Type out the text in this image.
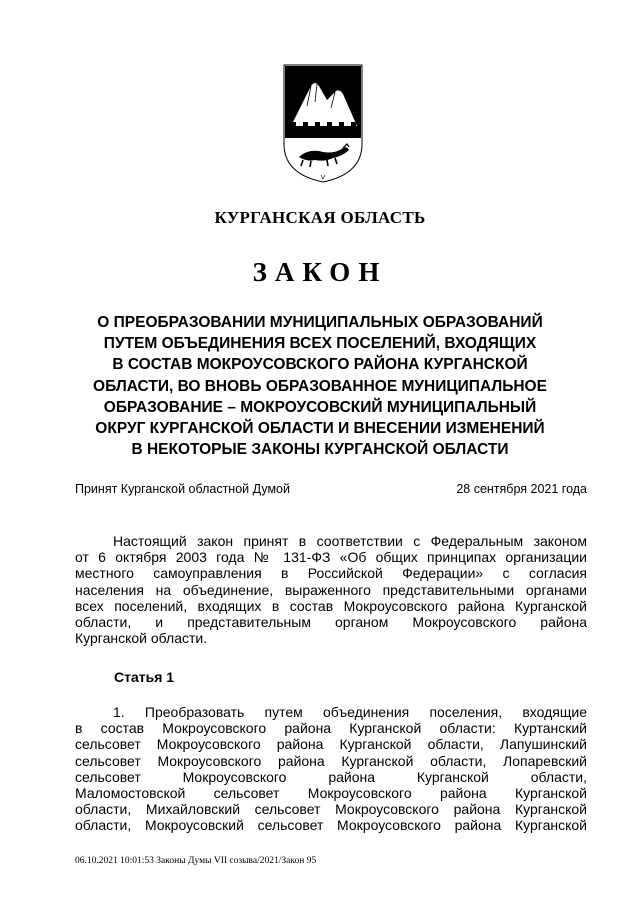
КУРГАНСКАЯ ОБЛАСТЬ
ЗАКОН
О ПРЕОБРАЗОВАНИИ МУНИЦИПАЛЬНЫХ ОБРАЗОВАНИЙ
ПУТЕМ ОБЪЕДИНЕНИЯ ВСЕХ ПОСЕЛЕНИЙ, ВХОДЯЩИХ
В СОСТАВ МОКРОУСОВСКОГО РАЙОНА КУРГАНСКОЙ
ОБЛАСТИ, ВО ВНОВЬ ОБРАЗОВАННОЕ МУНИЦИПАЛЬНОЕ
ОБРАЗОВАНИЕ – МОКРОУСОВСКИЙ МУНИЦИПАЛЬНЫЙ
ОКРУГ КУРГАНСКОЙ ОБЛАСТИ И ВНЕСЕНИИ ИЗМЕНЕНИЙ
В НЕКОТОРЫЕ ЗАКОНЫ КУРГАНСКОЙ ОБЛАСТИ
Принят Курганской областной Думой	28 сентября 2021 года
Настоящий закон принят в соответствии с Федеральным законом
от 6 октября 2003 года № 131-ФЗ «Об общих принципах организации
местного самоуправления в Российской Федерации» с согласия
населения на объединение, выраженного представительными органами
всех поселений, входящих в состав Мокроусовского района Курганской
области, и представительным органом Мокроусовского района
Курганской области.
Статья 1
1. Преобразовать путем объединения поселения, входящие
в состав Мокроусовского района Курганской области: Куртанский
сельсовет Мокроусовского района Курганской области, Лапушинский
сельсовет Мокроусовского района Курганской области, Лопаревский
сельсовет Мокроусовского района Курганской области,
Маломостовской сельсовет Мокроусовского района Курганской
области, Михайловский сельсовет Мокроусовского района Курганской
области, Мокроусовский сельсовет Мокроусовского района Курганской
06.10.2021 10:01:53 Законы Думы VII созыва/2021/Закон 95
